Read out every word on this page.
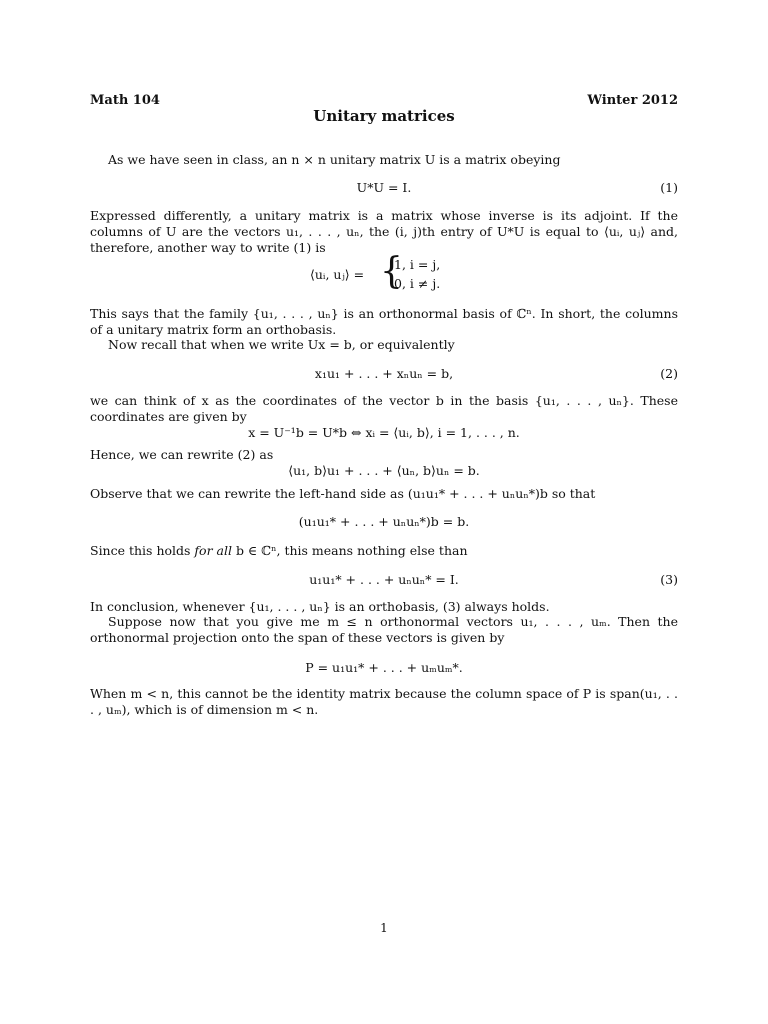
Math 104	Winter 2012
Unitary matrices
As we have seen in class, an n × n unitary matrix U is a matrix obeying
U*U = I.	(1)
Expressed differently, a unitary matrix is a matrix whose inverse is its adjoint. If the columns of U are the vectors u₁, . . . , uₙ, the (i, j)th entry of U*U is equal to ⟨uᵢ, uⱼ⟩ and, therefore, another way to write (1) is
⟨uᵢ, uⱼ⟩ = {
1, i = j,
0, i ≠ j.
This says that the family {u₁, . . . , uₙ} is an orthonormal basis of ℂⁿ. In short, the columns of a unitary matrix form an orthobasis.
Now recall that when we write Ux = b, or equivalently
x₁u₁ + . . . + xₙuₙ = b,	(2)
we can think of x as the coordinates of the vector b in the basis {u₁, . . . , uₙ}. These coordinates are given by
x = U⁻¹b = U*b ⇔ xᵢ = ⟨uᵢ, b⟩, i = 1, . . . , n.
Hence, we can rewrite (2) as
⟨u₁, b⟩u₁ + . . . + ⟨uₙ, b⟩uₙ = b.
Observe that we can rewrite the left-hand side as (u₁u₁* + . . . + uₙuₙ*)b so that
(u₁u₁* + . . . + uₙuₙ*)b = b.
Since this holds for all b ∈ ℂⁿ, this means nothing else than
u₁u₁* + . . . + uₙuₙ* = I.	(3)
In conclusion, whenever {u₁, . . . , uₙ} is an orthobasis, (3) always holds.
Suppose now that you give me m ≤ n orthonormal vectors u₁, . . . , uₘ. Then the orthonormal projection onto the span of these vectors is given by
P = u₁u₁* + . . . + uₘuₘ*.
When m < n, this cannot be the identity matrix because the column space of P is span(u₁, . . . , uₘ), which is of dimension m < n.
1
